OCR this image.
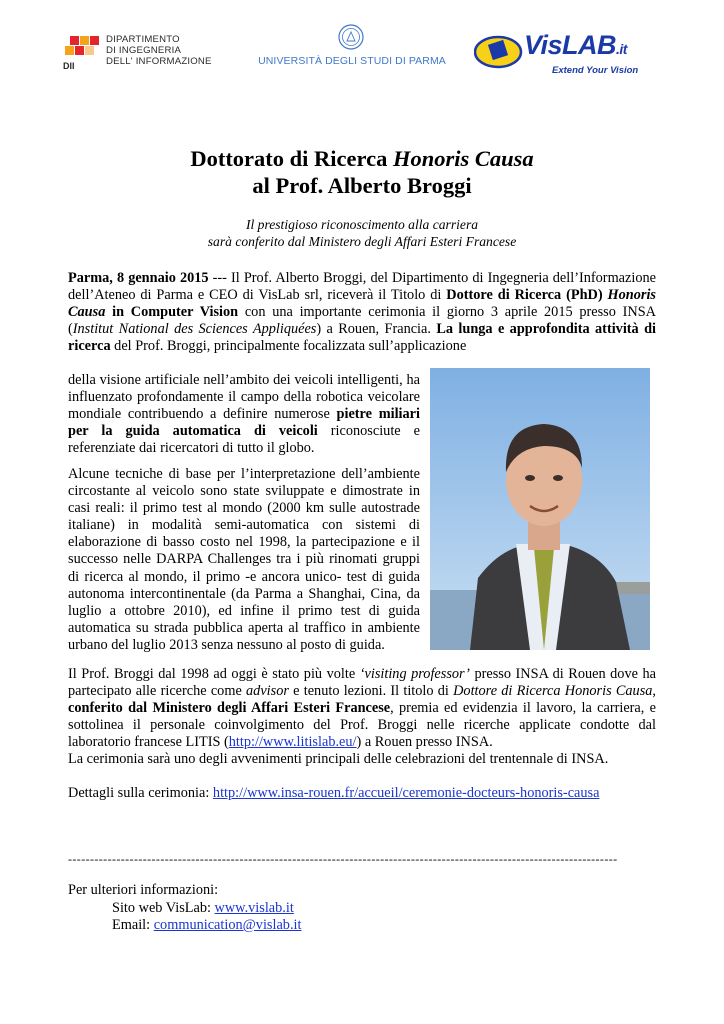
DIPARTIMENTO
DI INGEGNERIA
DELL' INFORMAZIONE
DII	UNIVERSITÀ DEGLI STUDI DI PARMA
VisLAB.it
Extend Your Vision
Dottorato di Ricerca Honoris Causa
al Prof. Alberto Broggi
Il prestigioso riconoscimento alla carriera
sarà conferito dal Ministero degli Affari Esteri Francese
Parma, 8 gennaio 2015 --- Il Prof. Alberto Broggi, del Dipartimento di Ingegneria dell’Informazione dell’Ateneo di Parma e CEO di VisLab srl, riceverà il Titolo di Dottore di Ricerca (PhD) Honoris Causa in Computer Vision con una importante cerimonia il giorno 3 aprile 2015 presso INSA (Institut National des Sciences Appliquées) a Rouen, Francia. La lunga e approfondita attività di ricerca del Prof. Broggi, principalmente focalizzata sull’applicazione
della visione artificiale nell’ambito dei veicoli intelligenti, ha influenzato profondamente il campo della robotica veicolare mondiale contribuendo a definire numerose pietre miliari per la guida automatica di veicoli riconosciute e referenziate dai ricercatori di tutto il globo.
Alcune tecniche di base per l’interpretazione dell’ambiente circostante al veicolo sono state sviluppate e dimostrate in casi reali: il primo test al mondo (2000 km sulle autostrade italiane) in modalità semi-automatica con sistemi di elaborazione di basso costo nel 1998, la partecipazione e il successo nelle DARPA Challenges tra i più rinomati gruppi di ricerca al mondo, il primo -e ancora unico- test di guida autonoma intercontinentale (da Parma a Shanghai, Cina, da luglio a ottobre 2010), ed infine il primo test di guida automatica su strada pubblica aperta al traffico in ambiente urbano del luglio 2013 senza nessuno al posto di guida.
Il Prof. Broggi dal 1998 ad oggi è stato più volte ‘visiting professor’ presso INSA di Rouen dove ha partecipato alle ricerche come advisor e tenuto lezioni. Il titolo di Dottore di Ricerca Honoris Causa, conferito dal Ministero degli Affari Esteri Francese, premia ed evidenzia il lavoro, la carriera, e sottolinea il personale coinvolgimento del Prof. Broggi nelle ricerche applicate condotte dal laboratorio francese LITIS (http://www.litislab.eu/) a Rouen presso INSA.
La cerimonia sarà uno degli avvenimenti principali delle celebrazioni del trentennale di INSA.
Dettagli sulla cerimonia: http://www.insa-rouen.fr/accueil/ceremonie-docteurs-honoris-causa
-----------------------------------------------------------------------------------------------------------------------------
Per ulteriori informazioni:
Sito web VisLab: www.vislab.it
Email: communication@vislab.it
